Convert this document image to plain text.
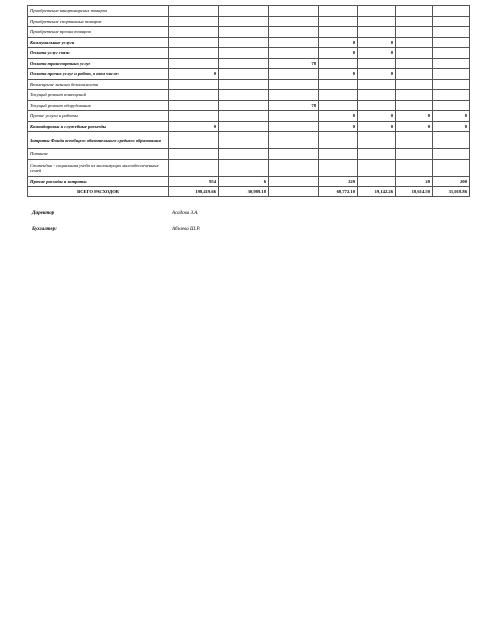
Приобретение канцтоварских товаров							
Приобретение спортивных товаров							
Приобретение прочих товаров							
Коммунальные услуги				0	0		
Оплата услуг связи				0	0		
Оплата транспортных услуг			78				
Оплата прочих услуг и работ, в том числе:	0			0	0		
Возмещение лизинга безопасности							
Текущий ремонт помещений							
Текущий ремонт оборудования			78				
Прочие услуги и работы				0	0	0	0
Командировки и служебные разъезды	0			0	0	0	0
Затраты Фонда всеобщего обязательного среднего образования							
Питание							
Стипендии - социальная учеба из малоимущих малообеспеченных семей							
Прочие расходы и затраты	954	6		220		20	200
ВСЕГО РАСХОДОВ	198,419.66	30,989.18		68,772.10	19,142.26	18,614.50	31,018.86
Директор	Асадова З.А.
Бухгалтер:	Абзаева Ш.Р.
